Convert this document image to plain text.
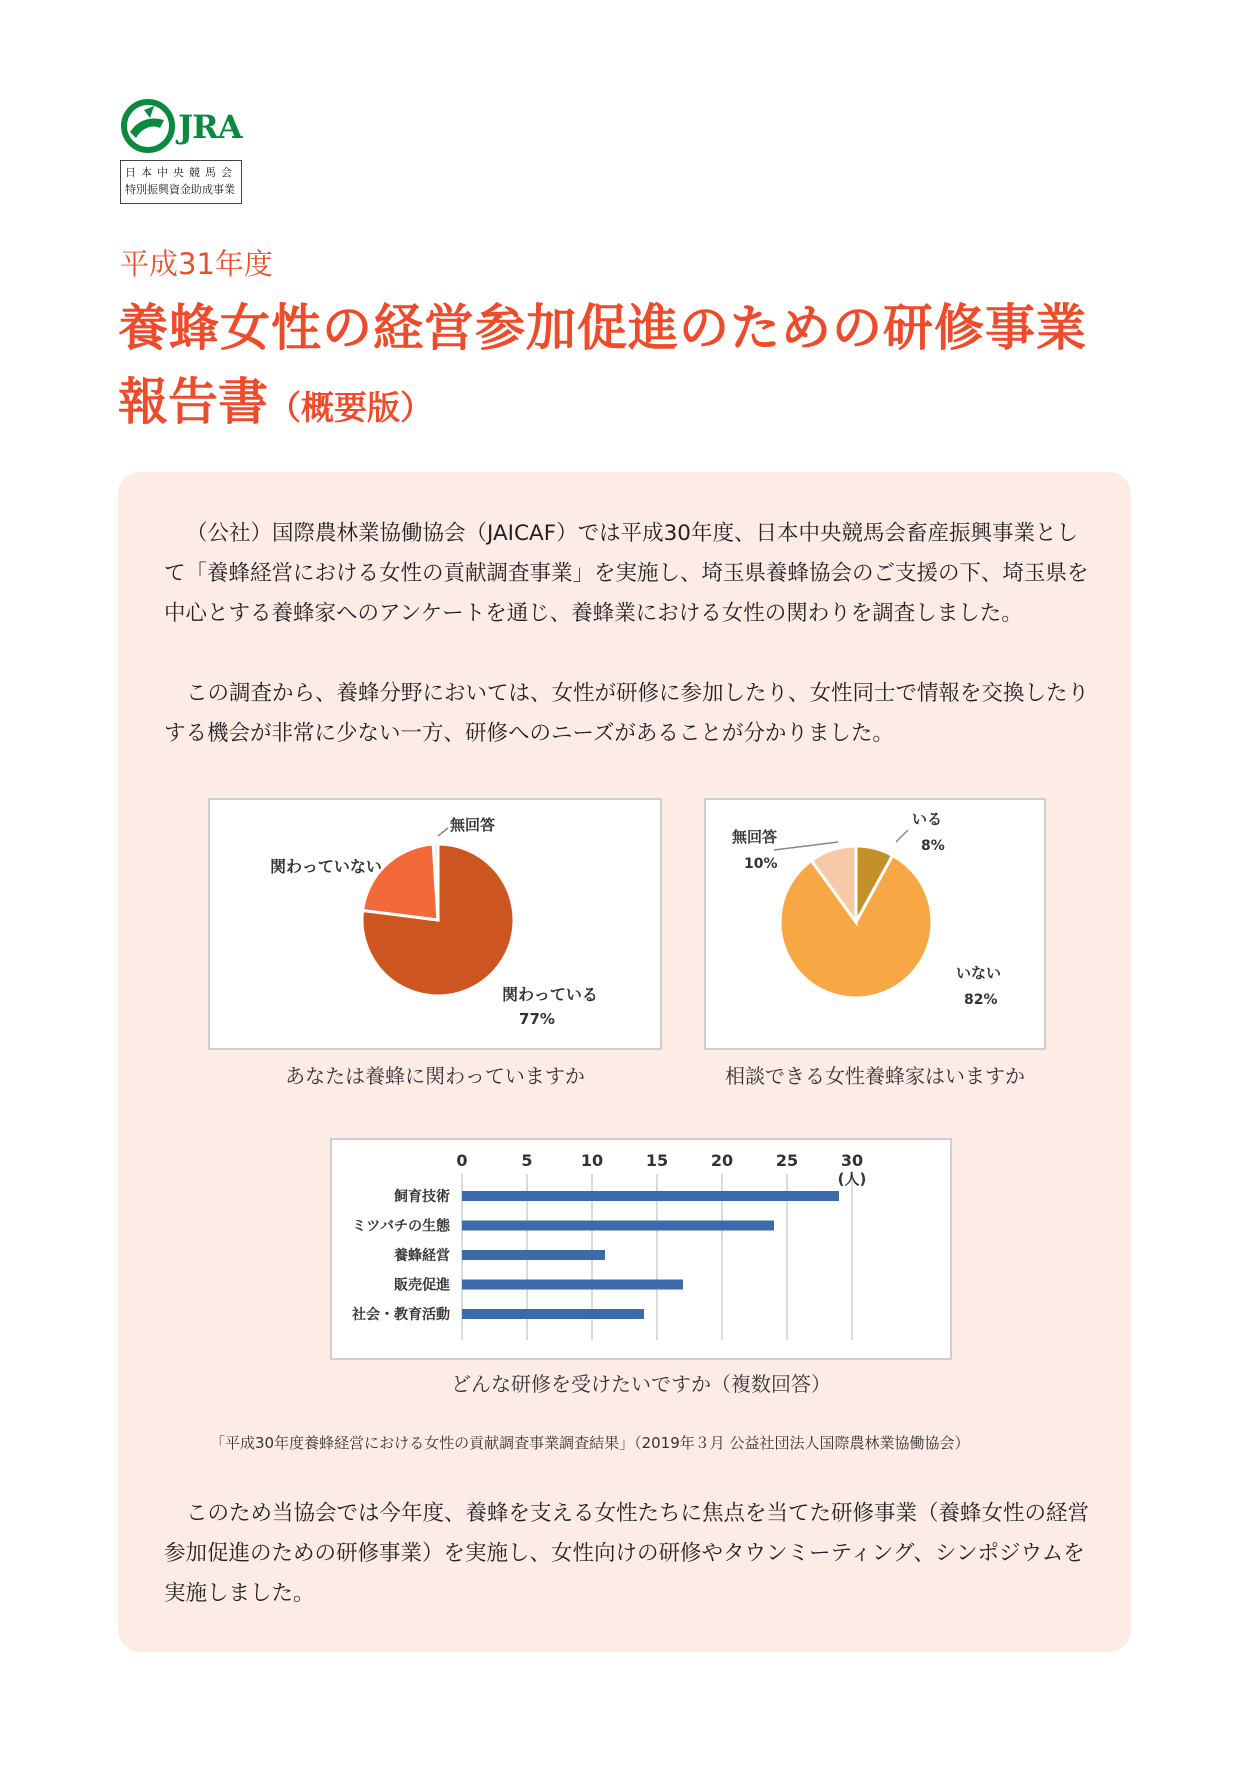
JRA
日本中央競馬会
特別振興資金助成事業
平成31年度
養蜂女性の経営参加促進のための研修事業
報告書（概要版）
（公社）国際農林業協働協会（JAICAF）では平成30年度、日本中央競馬会畜産振興事業として「養蜂経営における女性の貢献調査事業」を実施し、埼玉県養蜂協会のご支援の下、埼玉県を中心とする養蜂家へのアンケートを通じ、養蜂業における女性の関わりを調査しました。
この調査から、養蜂分野においては、女性が研修に参加したり、女性同士で情報を交換したりする機会が非常に少ない一方、研修へのニーズがあることが分かりました。
無回答
関わっていない
関わっている
77%
あなたは養蜂に関わっていますか
いる
8%
無回答
10%
いない
82%
相談できる女性養蜂家はいますか
0	5	10	15	20	25	30
(人)
飼育技術
ミツバチの生態
養蜂経営
販売促進
社会・教育活動
どんな研修を受けたいですか（複数回答）
「平成30年度養蜂経営における女性の貢献調査事業調査結果」（2019年３月 公益社団法人国際農林業協働協会）
このため当協会では今年度、養蜂を支える女性たちに焦点を当てた研修事業（養蜂女性の経営参加促進のための研修事業）を実施し、女性向けの研修やタウンミーティング、シンポジウムを実施しました。
